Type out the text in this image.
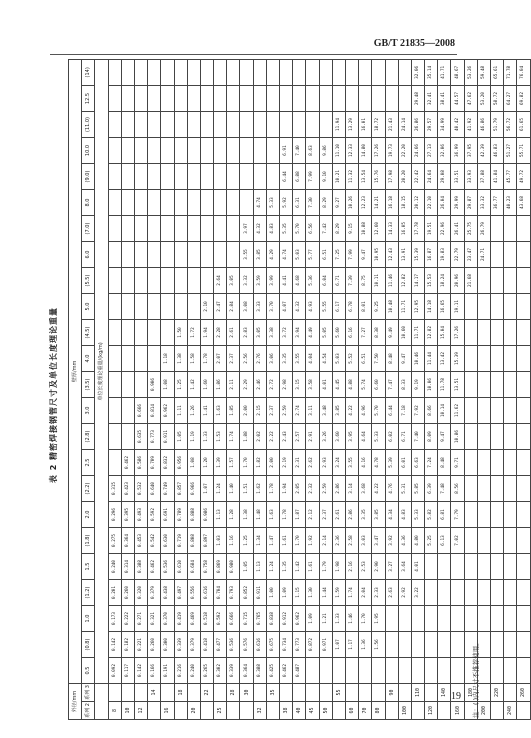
GB/T 21835—2008
表 2 精密焊接钢管尺寸及单位长度理论重量
外径/mm		壁厚/mm																							
系列 2	系列 3	0.5	(0.8)	1.0	(1.2)	1.5	(1.8)	2.0	(2.2)	2.5	(2.8)	3.0	(3.5)	4.0	(4.5)	5.0	(5.5)	6.0	(7.0)	8.0	(9.0)	10.0	(11.0)	12.5	(14)
		单位长度理论重量/(kg/m)																							
8		0.092	0.142	0.173	0.201	0.240	0.275	0.296	0.315																
10		0.117	0.182	0.222	0.260	0.314	0.364	0.395	0.423	0.462															
12		0.142	0.221	0.271	0.320	0.388	0.453	0.493	0.532	0.586	0.635	0.666													
	14	0.166	0.260	0.321	0.379	0.462	0.542	0.592	0.640	0.709	0.773	0.814	0.906												
16		0.191	0.300	0.370	0.438	0.536	0.630	0.691	0.749	0.832	0.911	0.962	1.08	1.18											
	18	0.216	0.339	0.419	0.497	0.610	0.719	0.789	0.857	0.956	1.05	1.11	1.25	1.38	1.50										
20		0.240	0.379	0.469	0.556	0.684	0.808	0.888	0.966	1.08	1.19	1.26	1.42	1.58	1.72										
	22	0.265	0.418	0.518	0.616	0.758	0.897	0.986	1.07	1.20	1.33	1.41	1.60	1.78	1.94	2.10									
25		0.302	0.477	0.592	0.704	0.869	1.03	1.13	1.24	1.39	1.53	1.63	1.86	2.07	2.28	2.47	2.64								
	28	0.339	0.536	0.666	0.793	0.980	1.16	1.28	1.40	1.57	1.74	1.85	2.11	2.37	2.61	2.84	3.05								
	30	0.364	0.576	0.715	0.852	1.05	1.25	1.38	1.51	1.70	1.88	2.00	2.29	2.56	2.83	3.08	3.32	3.55	3.97						
32		0.388	0.616	0.765	0.911	1.13	1.34	1.48	1.62	1.82	2.02	2.15	2.46	2.76	3.05	3.33	3.59	3.85	4.32	4.74					
	35	0.425	0.675	0.838	1.00	1.24	1.47	1.63	1.78	2.00	2.22	2.37	2.72	3.06	3.38	3.70	3.99	4.29	4.83	5.33					
38		0.462	0.734	0.912	1.09	1.35	1.61	1.78	1.94	2.19	2.43	2.59	2.98	3.35	3.72	4.07	4.41	4.74	5.35	5.92	6.44	6.91			
40		0.487	0.773	0.962	1.15	1.42	1.70	1.87	2.05	2.31	2.57	2.74	3.15	3.55	3.94	4.32	4.68	5.03	5.70	6.31	6.88	7.40			
45			0.872	1.09	1.30	1.61	1.92	2.12	2.32	2.62	2.91	3.11	3.58	4.04	4.49	4.93	5.36	5.77	6.56	7.30	7.99	8.63			
50			0.971	1.21	1.44	1.79	2.14	2.37	2.59	2.93	3.26	3.48	4.01	4.54	5.05	5.55	6.04	6.51	7.42	8.29	9.10	9.86			
	55		1.07	1.33	1.59	1.98	2.36	2.61	2.86	3.24	3.60	3.85	4.45	5.03	5.60	6.17	6.71	7.25	8.29	9.27	10.21	11.10	11.94		
60			1.17	1.46	1.74	2.16	2.58	2.86	3.14	3.55	3.95	4.22	4.88	5.52	6.16	6.78	7.39	7.99	9.15	10.26	11.32	12.33	13.29		
70			1.36	1.70	2.04	2.53	3.03	3.35	3.68	4.16	4.64	4.96	5.74	6.51	7.27	8.01	8.75	9.47	10.88	12.23	13.54	14.80	16.01		
80			1.56	1.95	2.33	2.90	3.47	3.85	4.22	4.78	5.33	5.70	6.60	7.50	8.38	9.25	10.11	10.95	12.60	14.21	15.76	17.26	18.72		
	90				2.63	3.27	3.92	4.34	4.76	5.39	6.02	6.44	7.47	8.48	9.49	10.48	11.46	12.43	14.33	16.18	17.98	19.73	21.43		
100					2.92	3.64	4.36	4.83	5.31	6.01	6.71	7.18	8.33	9.47	10.60	11.71	12.82	13.91	16.05	18.15	20.20	22.20	24.14		
	110				3.22	4.01	4.80	5.33	5.85	6.63	7.40	7.92	9.19	10.46	11.71	12.95	14.17	15.39	17.78	20.12	22.42	24.66	26.86	29.48	32.06
120							5.25	5.82	6.39	7.24	8.09	8.66	10.06	11.44	12.82	14.18	15.53	16.87	19.51	22.10	24.64	27.13	29.57	32.41	35.14
	140						6.13	6.81	7.48	8.48	9.47	10.14	11.78	13.42	15.04	16.65	18.24	19.83	22.96	26.04	29.08	32.06	34.99	38.41	41.71
160							7.02	7.79	8.56	9.71	10.86	11.62	13.51	15.39	17.26	19.11	20.96	22.79	26.41	29.99	33.51	36.99	40.42	44.57	48.67
	180																21.68	23.47	25.75	29.87	33.93	37.95	41.92	47.62	53.26
200																		24.71	26.79	33.32	37.88	42.39	46.86	53.20	59.48
	220																			36.77	41.84	46.83	51.79	58.72	65.61
240																				40.23	45.77	51.27	56.72	64.27	71.78
	260																			43.68	49.72	55.71	61.65	69.82	76.04
注：( )内尺寸不推荐使用。
19
